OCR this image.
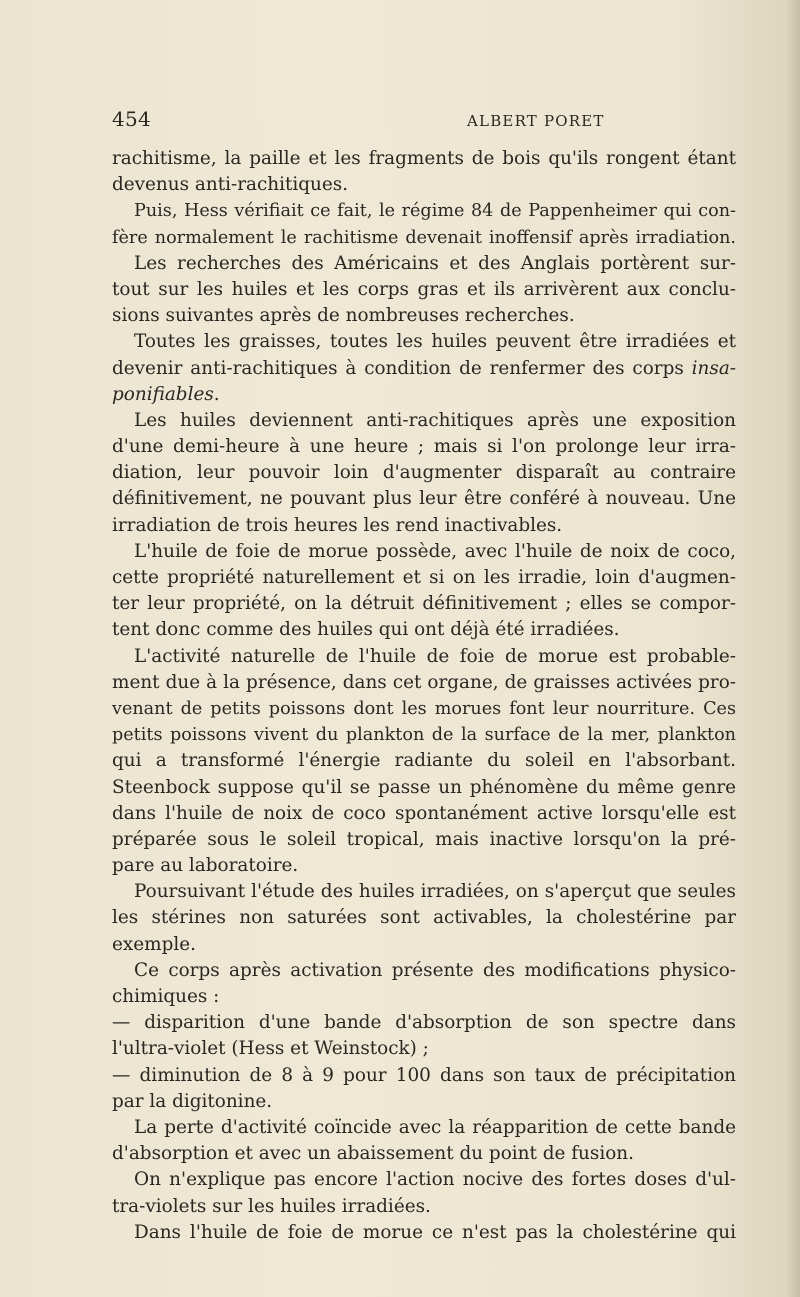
454	ALBERT PORET
rachitisme, la paille et les fragments de bois qu'ils rongent étant
devenus anti-rachitiques.
Puis, Hess vérifiait ce fait, le régime 84 de Pappenheimer qui con-
fère normalement le rachitisme devenait inoffensif après irradiation.
Les recherches des Américains et des Anglais portèrent sur-
tout sur les huiles et les corps gras et ils arrivèrent aux conclu-
sions suivantes après de nombreuses recherches.
Toutes les graisses, toutes les huiles peuvent être irradiées et
devenir anti-rachitiques à condition de renfermer des corps insa-
ponifiables.
Les huiles deviennent anti-rachitiques après une exposition
d'une demi-heure à une heure ; mais si l'on prolonge leur irra-
diation, leur pouvoir loin d'augmenter disparaît au contraire
définitivement, ne pouvant plus leur être conféré à nouveau. Une
irradiation de trois heures les rend inactivables.
L'huile de foie de morue possède, avec l'huile de noix de coco,
cette propriété naturellement et si on les irradie, loin d'augmen-
ter leur propriété, on la détruit définitivement ; elles se compor-
tent donc comme des huiles qui ont déjà été irradiées.
L'activité naturelle de l'huile de foie de morue est probable-
ment due à la présence, dans cet organe, de graisses activées pro-
venant de petits poissons dont les morues font leur nourriture. Ces
petits poissons vivent du plankton de la surface de la mer, plankton
qui a transformé l'énergie radiante du soleil en l'absorbant.
Steenbock suppose qu'il se passe un phénomène du même genre
dans l'huile de noix de coco spontanément active lorsqu'elle est
préparée sous le soleil tropical, mais inactive lorsqu'on la pré-
pare au laboratoire.
Poursuivant l'étude des huiles irradiées, on s'aperçut que seules
les stérines non saturées sont activables, la cholestérine par
exemple.
Ce corps après activation présente des modifications physico-
chimiques :
— disparition d'une bande d'absorption de son spectre dans
l'ultra-violet (Hess et Weinstock) ;
— diminution de 8 à 9 pour 100 dans son taux de précipitation
par la digitonine.
La perte d'activité coïncide avec la réapparition de cette bande
d'absorption et avec un abaissement du point de fusion.
On n'explique pas encore l'action nocive des fortes doses d'ul-
tra-violets sur les huiles irradiées.
Dans l'huile de foie de morue ce n'est pas la cholestérine qui
